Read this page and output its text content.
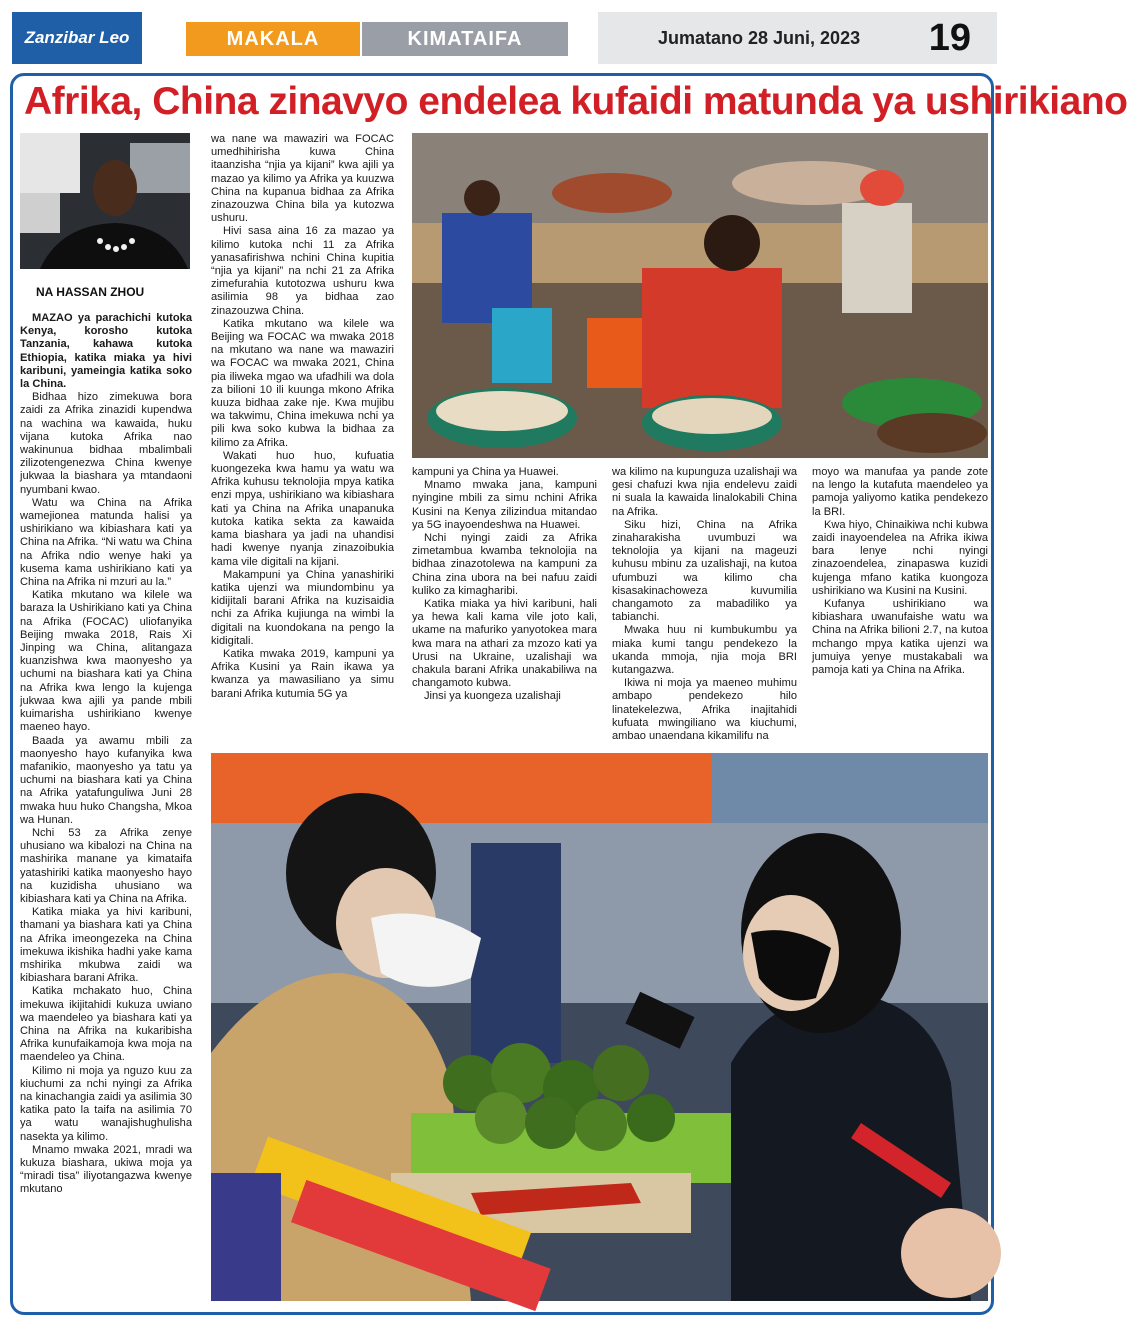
Zanzibar Leo	MAKALA	KIMATAIFA	Jumatano 28 Juni, 2023 19
Afrika, China zinavyo endelea kufaidi matunda ya ushirikiano
NA HASSAN ZHOU

MAZAO ya parachichi kutoka Kenya, korosho kutoka Tanzania, kahawa kutoka Ethiopia, katika miaka ya hivi karibuni, yameingia katika soko la China.

Bidhaa hizo zimekuwa bora zaidi za Afrika zinazidi kupendwa na wachina wa kawaida, huku vijana kutoka Afrika nao wakinunua bidhaa mbalimbali zilizotengenezwa China kwenye jukwaa la biashara ya mtandaoni nyumbani kwao.

Watu wa China na Afrika wamejionea matunda halisi ya ushirikiano wa kibiashara kati ya China na Afrika. “Ni watu wa China na Afrika ndio wenye haki ya kusema kama ushirikiano kati ya China na Afrika ni mzuri au la.”

Katika mkutano wa kilele wa baraza la Ushirikiano kati ya China na Afrika (FOCAC) uliofanyika Beijing mwaka 2018, Rais Xi Jinping wa China, alitangaza kuanzishwa kwa maonyesho ya uchumi na biashara kati ya China na Afrika kwa lengo la kujenga jukwaa kwa ajili ya pande mbili kuimarisha ushirikiano kwenye maeneo hayo.

Baada ya awamu mbili za maonyesho hayo kufanyika kwa mafanikio, maonyesho ya tatu ya uchumi na biashara kati ya China na Afrika yatafunguliwa Juni 28 mwaka huu huko Changsha, Mkoa wa Hunan.

Nchi 53 za Afrika zenye uhusiano wa kibalozi na China na mashirika manane ya kimataifa yatashiriki katika maonyesho hayo na kuzidisha uhusiano wa kibiashara kati ya China na Afrika.

Katika miaka ya hivi karibuni, thamani ya biashara kati ya China na Afrika imeongezeka na China imekuwa ikishika hadhi yake kama mshirika mkubwa zaidi wa kibiashara barani Afrika.

Katika mchakato huo, China imekuwa ikijitahidi kukuza uwiano wa maendeleo ya biashara kati ya China na Afrika na kukaribisha Afrika kunufaikamoja kwa moja na maendeleo ya China.

Kilimo ni moja ya nguzo kuu za kiuchumi za nchi nyingi za Afrika na kinachangia zaidi ya asilimia 30 katika pato la taifa na asilimia 70 ya watu wanajishughulisha nasekta ya kilimo.

Mnamo mwaka 2021, mradi wa kukuza biashara, ukiwa moja ya “miradi tisa” iliyotangazwa kwenye mkutano

wa nane wa mawaziri wa FOCAC umedhihirisha kuwa China itaanzisha “njia ya kijani” kwa ajili ya mazao ya kilimo ya Afrika ya kuuzwa China na kupanua bidhaa za Afrika zinazouzwa China bila ya kutozwa ushuru.

Hivi sasa aina 16 za mazao ya kilimo kutoka nchi 11 za Afrika yanasafirishwa nchini China kupitia “njia ya kijani” na nchi 21 za Afrika zimefurahia kutotozwa ushuru kwa asilimia 98 ya bidhaa zao zinazouzwa China.

Katika mkutano wa kilele wa Beijing wa FOCAC wa mwaka 2018 na mkutano wa nane wa mawaziri wa FOCAC wa mwaka 2021, China pia iliweka mgao wa ufadhili wa dola za bilioni 10 ili kuunga mkono Afrika kuuza bidhaa zake nje. Kwa mujibu wa takwimu, China imekuwa nchi ya pili kwa soko kubwa la bidhaa za kilimo za Afrika.

Wakati huo huo, kufuatia kuongezeka kwa hamu ya watu wa Afrika kuhusu teknolojia mpya katika enzi mpya, ushirikiano wa kibiashara kati ya China na Afrika unapanuka kutoka katika sekta za kawaida kama biashara ya jadi na uhandisi hadi kwenye nyanja zinazoibukia kama vile digitali na kijani.

Makampuni ya China yanashiriki katika ujenzi wa miundombinu ya kidijitali barani Afrika na kuzisaidia nchi za Afrika kujiunga na wimbi la digitali na kuondokana na pengo la kidigitali.

Katika mwaka 2019, kampuni ya Afrika Kusini ya Rain ikawa ya kwanza ya mawasiliano ya simu barani Afrika kutumia 5G ya

kampuni ya China ya Huawei.

Mnamo mwaka jana, kampuni nyingine mbili za simu nchini Afrika Kusini na Kenya zilizinduа mitandao ya 5G inayoendeshwa na Huawei.

Nchi nyingi zaidi za Afrika zimetambua kwamba teknolojia na bidhaa zinazotolewa na kampuni za China zina ubora na bei nafuu zaidi kuliko za kimagharibi.

Katika miaka ya hivi karibuni, hali ya hewa kali kama vile joto kali, ukame na mafuriko yanyotokea mara kwa mara na athari za mzozo kati ya Urusi na Ukraine, uzalishaji wa chakula barani Afrika unakabiliwa na changamoto kubwa.

Jinsi ya kuongeza uzalishaji

wa kilimo na kupunguza uzalishaji wa gesi chafuzi kwa njia endelevu zaidi ni suala la kawaida linalokabili China na Afrika.

Siku hizi, China na Afrika zinaharakisha uvumbuzi wa teknolojia ya kijani na mageuzi kuhusu mbinu za uzalishaji, na kutoa ufumbuzi wa kilimo cha kisasakinachoweza kuvumilia changamoto za mabadiliko ya tabianchi.

Mwaka huu ni kumbukumbu ya miaka kumi tangu pendekezo la ukanda mmoja, njia moja BRI kutangazwa.

Ikiwa ni moja ya maeneo muhimu ambapo pendekezo hilo linatekelezwa, Afrika inajitahidi kufuata mwingiliano wa kiuchumi, ambao unaendana kikamilifu na

moyo wa manufaa ya pande zote na lengo la kutafuta maendeleo ya pamoja yaliyomo katika pendekezo la BRI.

Kwa hiyo, Chinaikiwa nchi kubwa zaidi inayoendelea na Afrika ikiwa bara lenye nchi nyingi zinazoendelea, zinapaswa kuzidi kujenga mfano katika kuongoza ushirikiano wa Kusini na Kusini.

Kufanya ushirikiano wa kibiashara uwanufaishe watu wa China na Afrika bilioni 2.7, na kutoa mchango mpya katika ujenzi wa jumuiya yenye mustakabali wa pamoja kati ya China na Afrika.
